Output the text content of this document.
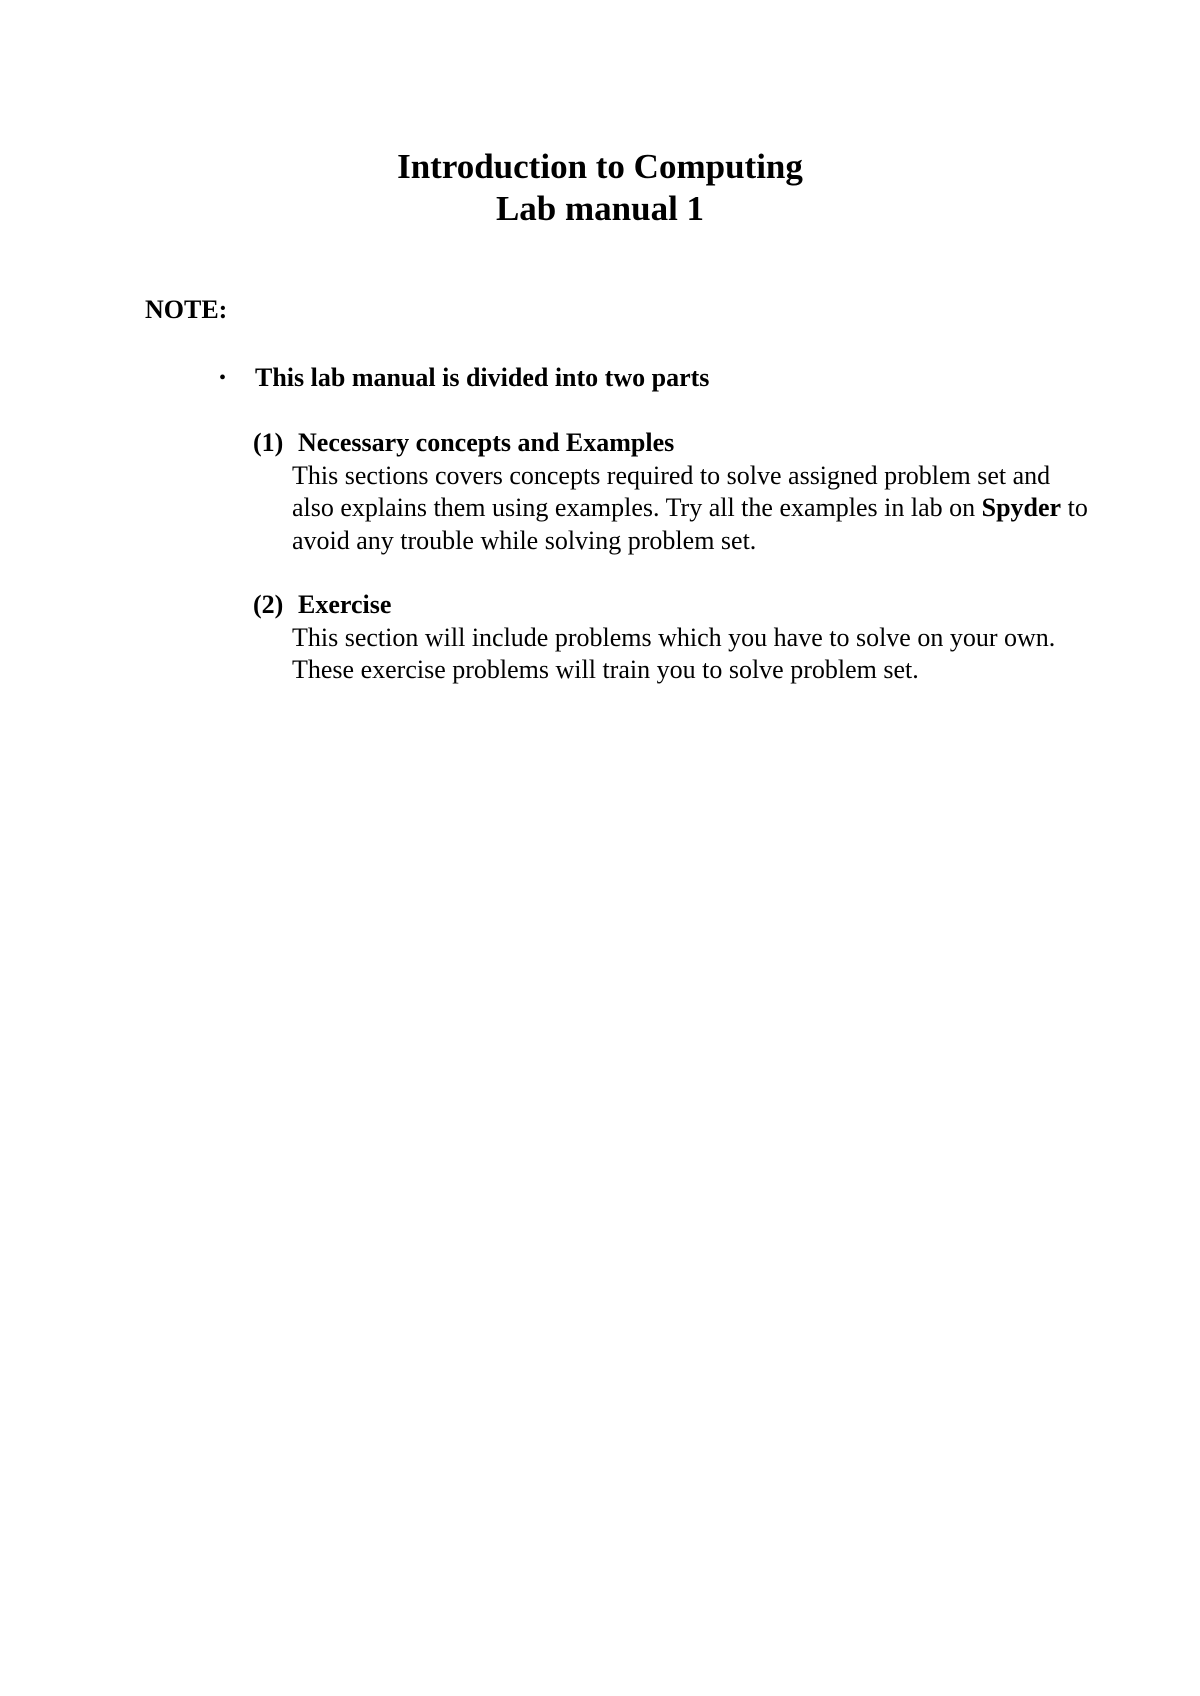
Introduction to Computing
Lab manual 1
NOTE:
• This lab manual is divided into two parts
(1) Necessary concepts and Examples
This sections covers concepts required to solve assigned problem set and also explains them using examples. Try all the examples in lab on Spyder to avoid any trouble while solving problem set.
(2) Exercise
This section will include problems which you have to solve on your own. These exercise problems will train you to solve problem set.
